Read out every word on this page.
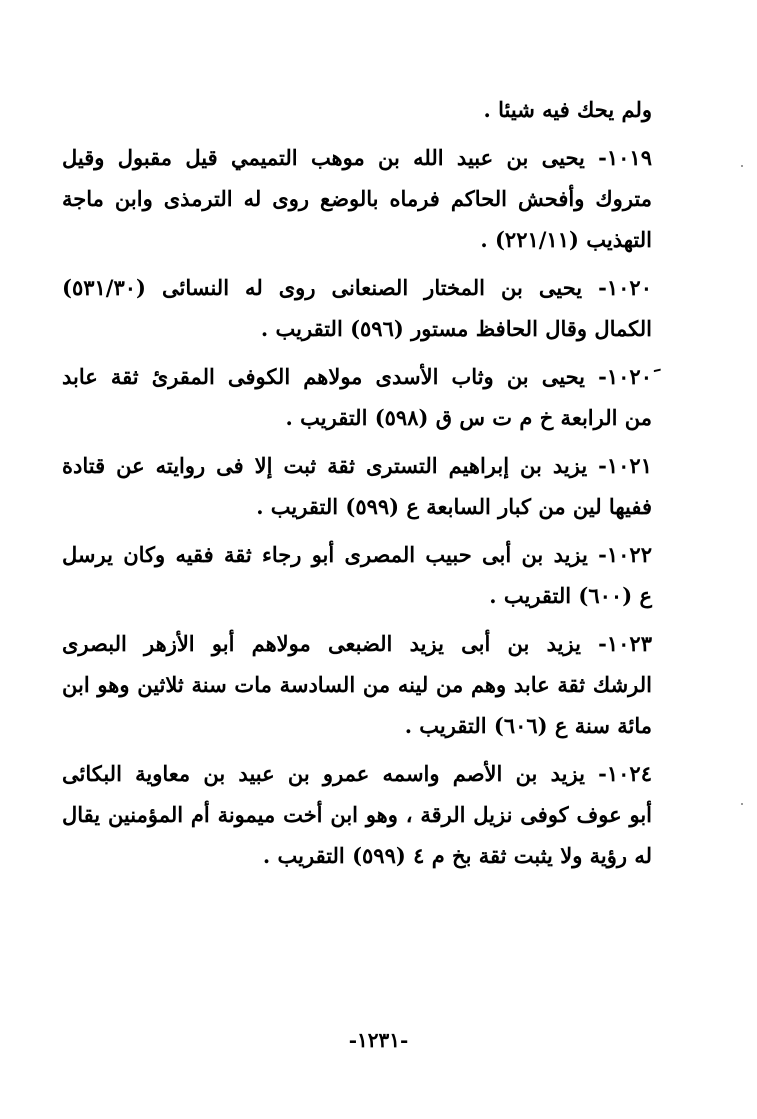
ولم يحك فيه شيئا .

١٠١٩- يحيى بن عبيد الله بن موهب التميمي قيل مقبول وقيل

متروك وأفحش الحاكم فرماه بالوضع روى له الترمذى وابن ماجة

التهذيب (٢٢١/١١) .

١٠٢٠- يحيى بن المختار الصنعانى روى له النسائى (٥٣١/٣٠)

الكمال وقال الحافظ مستور (٥٩٦) التقريب .

١٠٢٠َ- يحيى بن وثاب الأسدى مولاهم الكوفى المقرئ ثقة عابد

من الرابعة خ م ت س ق (٥٩٨) التقريب .

١٠٢١- يزيد بن إبراهيم التسترى ثقة ثبت إلا فى روايته عن قتادة

ففيها لين من كبار السابعة ع (٥٩٩) التقريب .

١٠٢٢- يزيد بن أبى حبيب المصرى أبو رجاء ثقة فقيه وكان يرسل

ع (٦٠٠) التقريب .

١٠٢٣- يزيد بن أبى يزيد الضبعى مولاهم أبو الأزهر البصرى

الرشك ثقة عابد وهم من لينه من السادسة مات سنة ثلاثين وهو ابن

مائة سنة ع (٦٠٦) التقريب .

١٠٢٤- يزيد بن الأصم واسمه عمرو بن عبيد بن معاوية البكائى

أبو عوف كوفى نزيل الرقة ، وهو ابن أخت ميمونة أم المؤمنين يقال

له رؤية ولا يثبت ثقة بخ م ٤ (٥٩٩) التقريب .

-١٢٣١-
